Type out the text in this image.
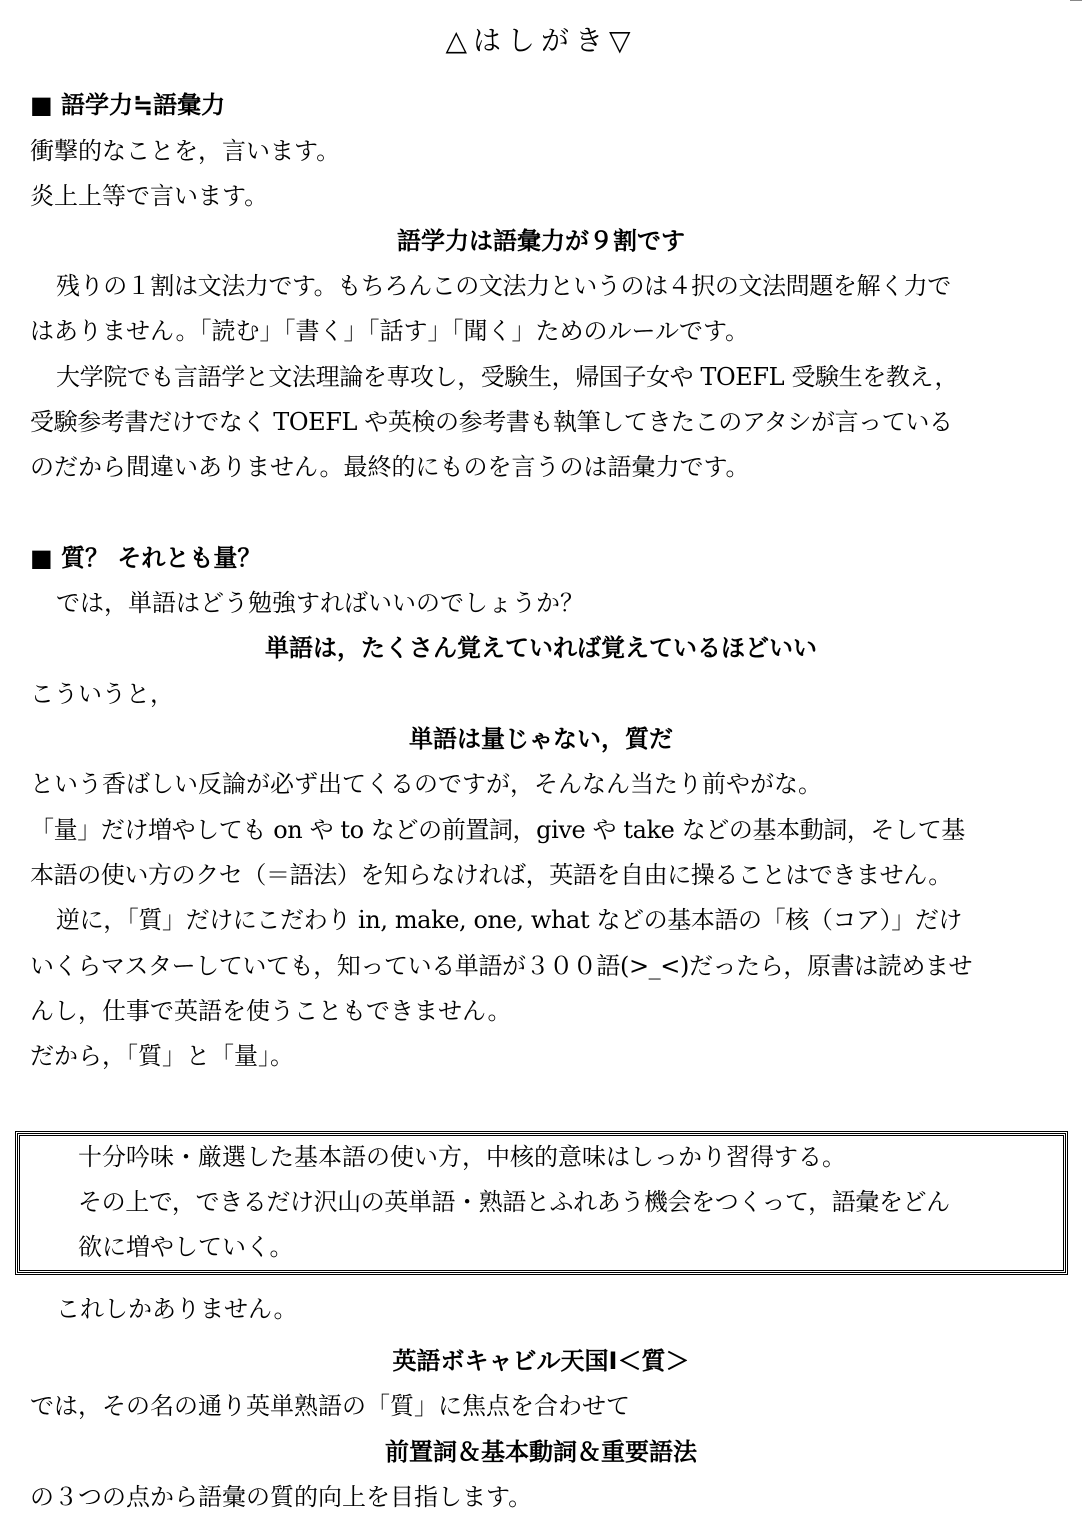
△はしがき▽
■ 語学力≒語彙力
衝撃的なことを，言います。
炎上上等で言います。
語学力は語彙力が９割です
残りの１割は文法力です。もちろんこの文法力というのは４択の文法問題を解く力で
はありません。「読む」「書く」「話す」「聞く」ためのルールです。
大学院でも言語学と文法理論を専攻し，受験生，帰国子女や TOEFL 受験生を教え，
受験参考書だけでなく TOEFL や英検の参考書も執筆してきたこのアタシが言っている
のだから間違いありません。最終的にものを言うのは語彙力です。
■ 質？ それとも量？
では，単語はどう勉強すればいいのでしょうか？
単語は，たくさん覚えていれば覚えているほどいい
こういうと，
単語は量じゃない，質だ
という香ばしい反論が必ず出てくるのですが，そんなん当たり前やがな。
「量」だけ増やしても on や to などの前置詞，give や take などの基本動詞，そして基
本語の使い方のクセ（＝語法）を知らなければ，英語を自由に操ることはできません。
逆に，「質」だけにこだわり in, make, one, what などの基本語の「核（コア）」だけ
いくらマスターしていても，知っている単語が３００語(>_<)だったら，原書は読めませ
んし，仕事で英語を使うこともできません。
だから，「質」と「量」。
十分吟味・厳選した基本語の使い方，中核的意味はしっかり習得する。
その上で，できるだけ沢山の英単語・熟語とふれあう機会をつくって，語彙をどん
欲に増やしていく。
これしかありません。
英語ボキャビル天国Ⅰ＜質＞
では，その名の通り英単熟語の「質」に焦点を合わせて
前置詞＆基本動詞＆重要語法
の３つの点から語彙の質的向上を目指します。
